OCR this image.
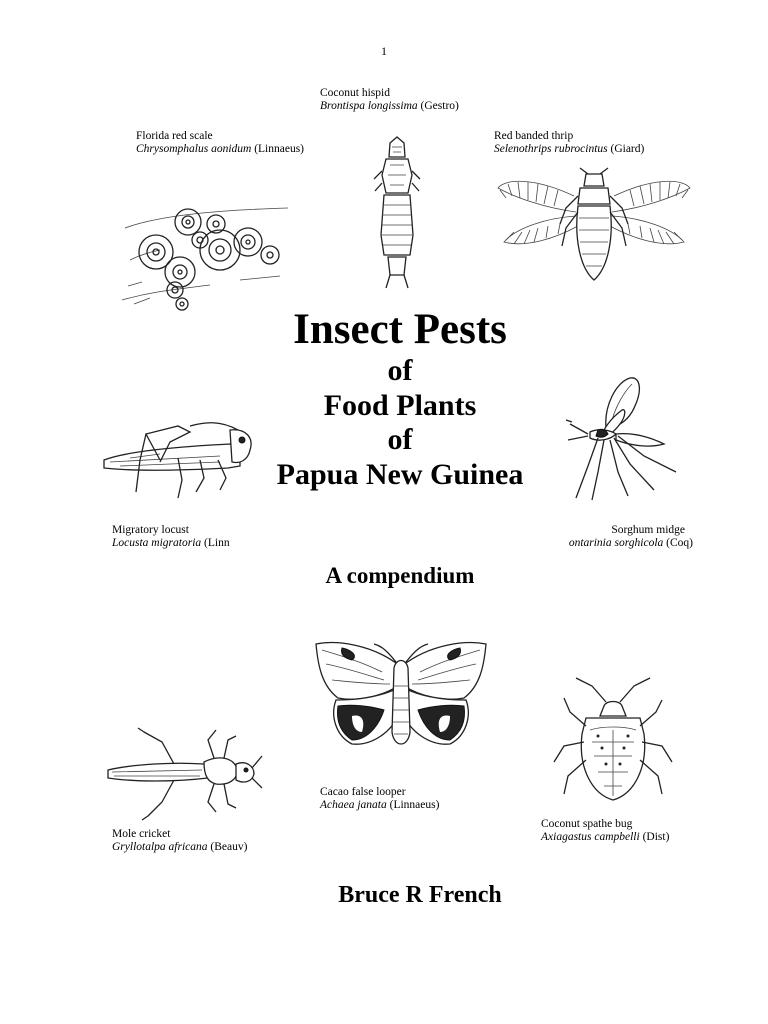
1
Coconut hispid
Brontispa longissima (Gestro)
Florida red scale
Chrysomphalus aonidum (Linnaeus)
Red banded thrip
Selenothrips rubrocintus (Giard)
Insect Pests
of
Food Plants
of
Papua New Guinea
Migratory locust
Locusta migratoria (Linn
Sorghum midge
ontarinia sorghicola (Coq)
A compendium
Cacao false looper
Achaea janata (Linnaeus)
Coconut spathe bug
Axiagastus campbelli (Dist)
Mole cricket
Gryllotalpa africana (Beauv)
Bruce R French
